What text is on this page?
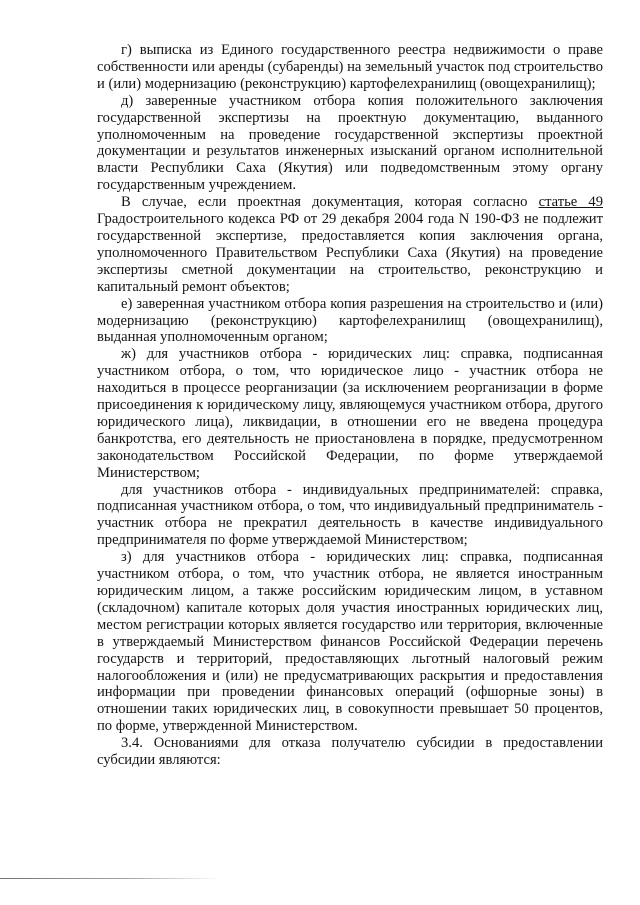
г) выписка из Единого государственного реестра недвижимости о праве собственности или аренды (субаренды) на земельный участок под строительство и (или) модернизацию (реконструкцию) картофелехранилищ (овощехранилищ);

д) заверенные участником отбора копия положительного заключения государственной экспертизы на проектную документацию, выданного уполномоченным на проведение государственной экспертизы проектной документации и результатов инженерных изысканий органом исполнительной власти Республики Саха (Якутия) или подведомственным этому органу государственным учреждением.

В случае, если проектная документация, которая согласно статье 49 Градостроительного кодекса РФ от 29 декабря 2004 года N 190-ФЗ не подлежит государственной экспертизе, предоставляется копия заключения органа, уполномоченного Правительством Республики Саха (Якутия) на проведение экспертизы сметной документации на строительство, реконструкцию и капитальный ремонт объектов;

е) заверенная участником отбора копия разрешения на строительство и (или) модернизацию (реконструкцию) картофелехранилищ (овощехранилищ), выданная уполномоченным органом;

ж) для участников отбора - юридических лиц: справка, подписанная участником отбора, о том, что юридическое лицо - участник отбора не находиться в процессе реорганизации (за исключением реорганизации в форме присоединения к юридическому лицу, являющемуся участником отбора, другого юридического лица), ликвидации, в отношении его не введена процедура банкротства, его деятельность не приостановлена в порядке, предусмотренном законодательством Российской Федерации, по форме утверждаемой Министерством;

для участников отбора - индивидуальных предпринимателей: справка, подписанная участником отбора, о том, что индивидуальный предприниматель - участник отбора не прекратил деятельность в качестве индивидуального предпринимателя по форме утверждаемой Министерством;

з) для участников отбора - юридических лиц: справка, подписанная участником отбора, о том, что участник отбора, не является иностранным юридическим лицом, а также российским юридическим лицом, в уставном (складочном) капитале которых доля участия иностранных юридических лиц, местом регистрации которых является государство или территория, включенные в утверждаемый Министерством финансов Российской Федерации перечень государств и территорий, предоставляющих льготный налоговый режим налогообложения и (или) не предусматривающих раскрытия и предоставления информации при проведении финансовых операций (офшорные зоны) в отношении таких юридических лиц, в совокупности превышает 50 процентов, по форме, утвержденной Министерством.

3.4. Основаниями для отказа получателю субсидии в предоставлении субсидии являются:
